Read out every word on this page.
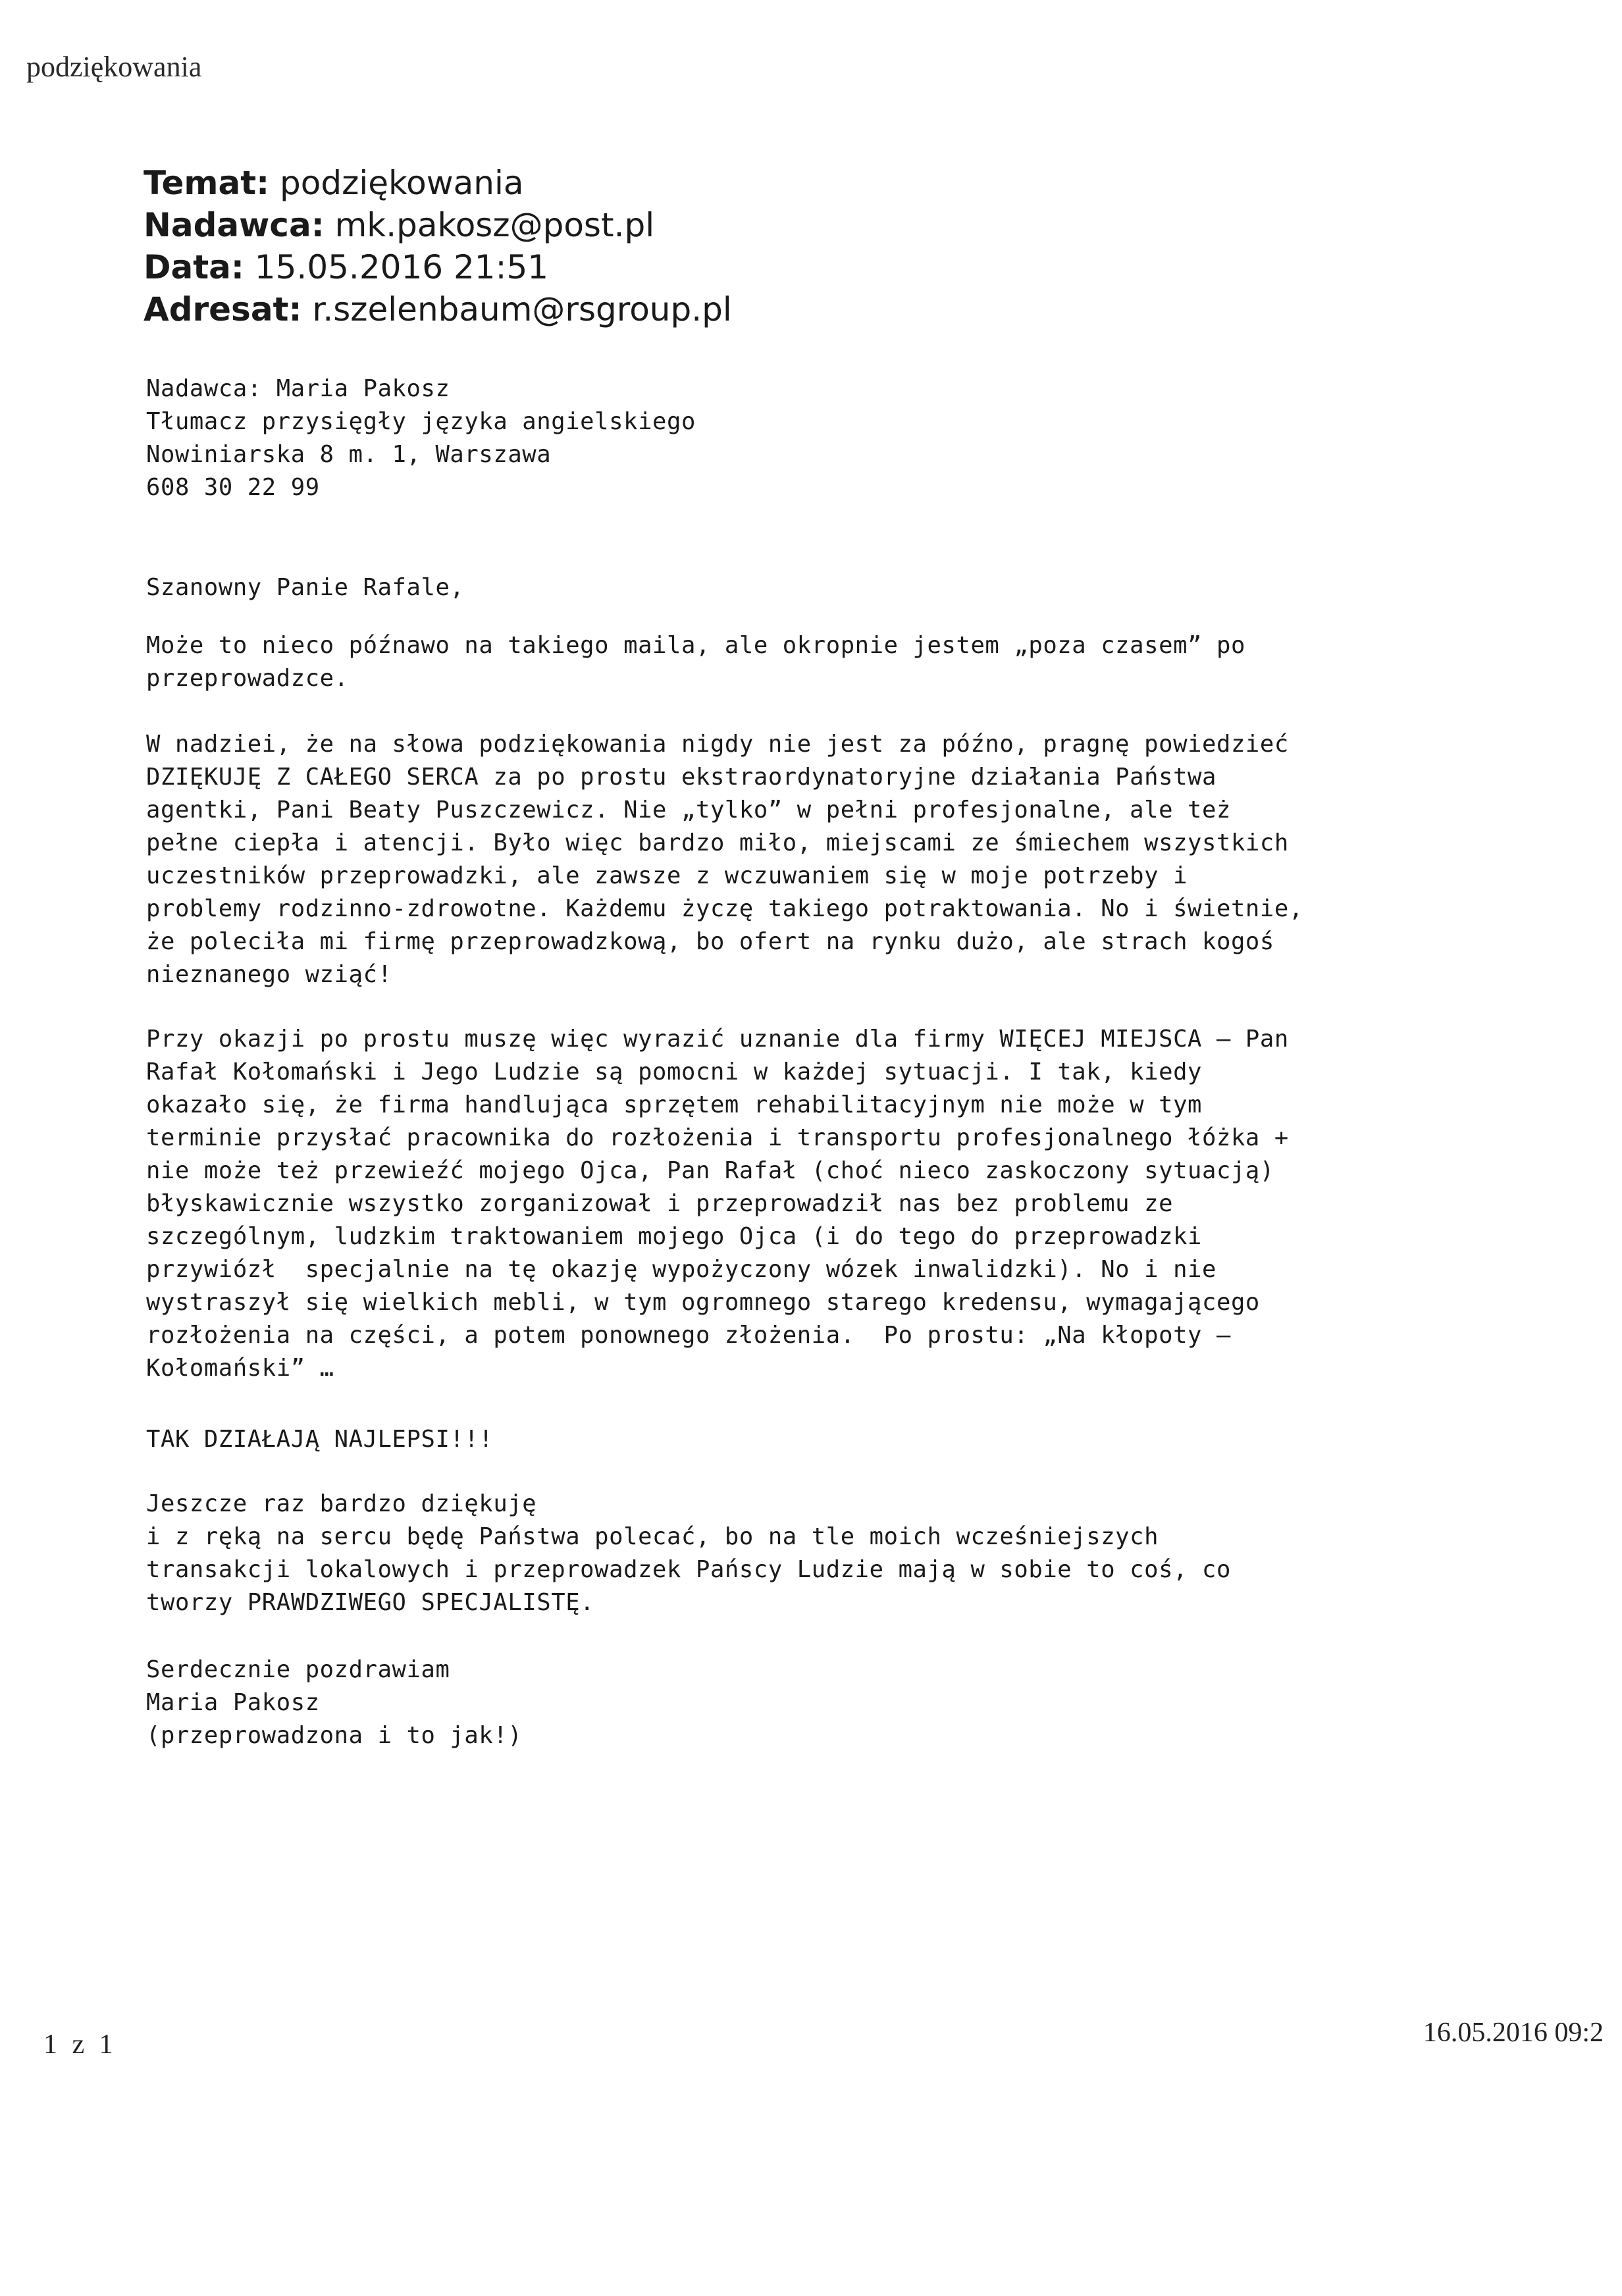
podziękowania
Temat: podziękowania
Nadawca: mk.pakosz@post.pl
Data: 15.05.2016 21:51
Adresat: r.szelenbaum@rsgroup.pl
Nadawca: Maria Pakosz
Tłumacz przysięgły języka angielskiego
Nowiniarska 8 m. 1, Warszawa
608 30 22 99
Szanowny Panie Rafale,
Może to nieco późnawo na takiego maila, ale okropnie jestem „poza czasem” po
przeprowadzce.
W nadziei, że na słowa podziękowania nigdy nie jest za późno, pragnę powiedzieć
DZIĘKUJĘ Z CAŁEGO SERCA za po prostu ekstraordynatoryjne działania Państwa
agentki, Pani Beaty Puszczewicz. Nie „tylko” w pełni profesjonalne, ale też
pełne ciepła i atencji. Było więc bardzo miło, miejscami ze śmiechem wszystkich
uczestników przeprowadzki, ale zawsze z wczuwaniem się w moje potrzeby i
problemy rodzinno-zdrowotne. Każdemu życzę takiego potraktowania. No i świetnie,
że poleciła mi firmę przeprowadzkową, bo ofert na rynku dużo, ale strach kogoś
nieznanego wziąć!
Przy okazji po prostu muszę więc wyrazić uznanie dla firmy WIĘCEJ MIEJSCA – Pan
Rafał Kołomański i Jego Ludzie są pomocni w każdej sytuacji. I tak, kiedy
okazało się, że firma handlująca sprzętem rehabilitacyjnym nie może w tym
terminie przysłać pracownika do rozłożenia i transportu profesjonalnego łóżka +
nie może też przewieźć mojego Ojca, Pan Rafał (choć nieco zaskoczony sytuacją)
błyskawicznie wszystko zorganizował i przeprowadził nas bez problemu ze
szczególnym, ludzkim traktowaniem mojego Ojca (i do tego do przeprowadzki
przywiózł  specjalnie na tę okazję wypożyczony wózek inwalidzki). No i nie
wystraszył się wielkich mebli, w tym ogromnego starego kredensu, wymagającego
rozłożenia na części, a potem ponownego złożenia.  Po prostu: „Na kłopoty –
Kołomański” …
TAK DZIAŁAJĄ NAJLEPSI!!!
Jeszcze raz bardzo dziękuję
i z ręką na sercu będę Państwa polecać, bo na tle moich wcześniejszych
transakcji lokalowych i przeprowadzek Pańscy Ludzie mają w sobie to coś, co
tworzy PRAWDZIWEGO SPECJALISTĘ.
Serdecznie pozdrawiam
Maria Pakosz
(przeprowadzona i to jak!)
1 z 1	16.05.2016 09:2
